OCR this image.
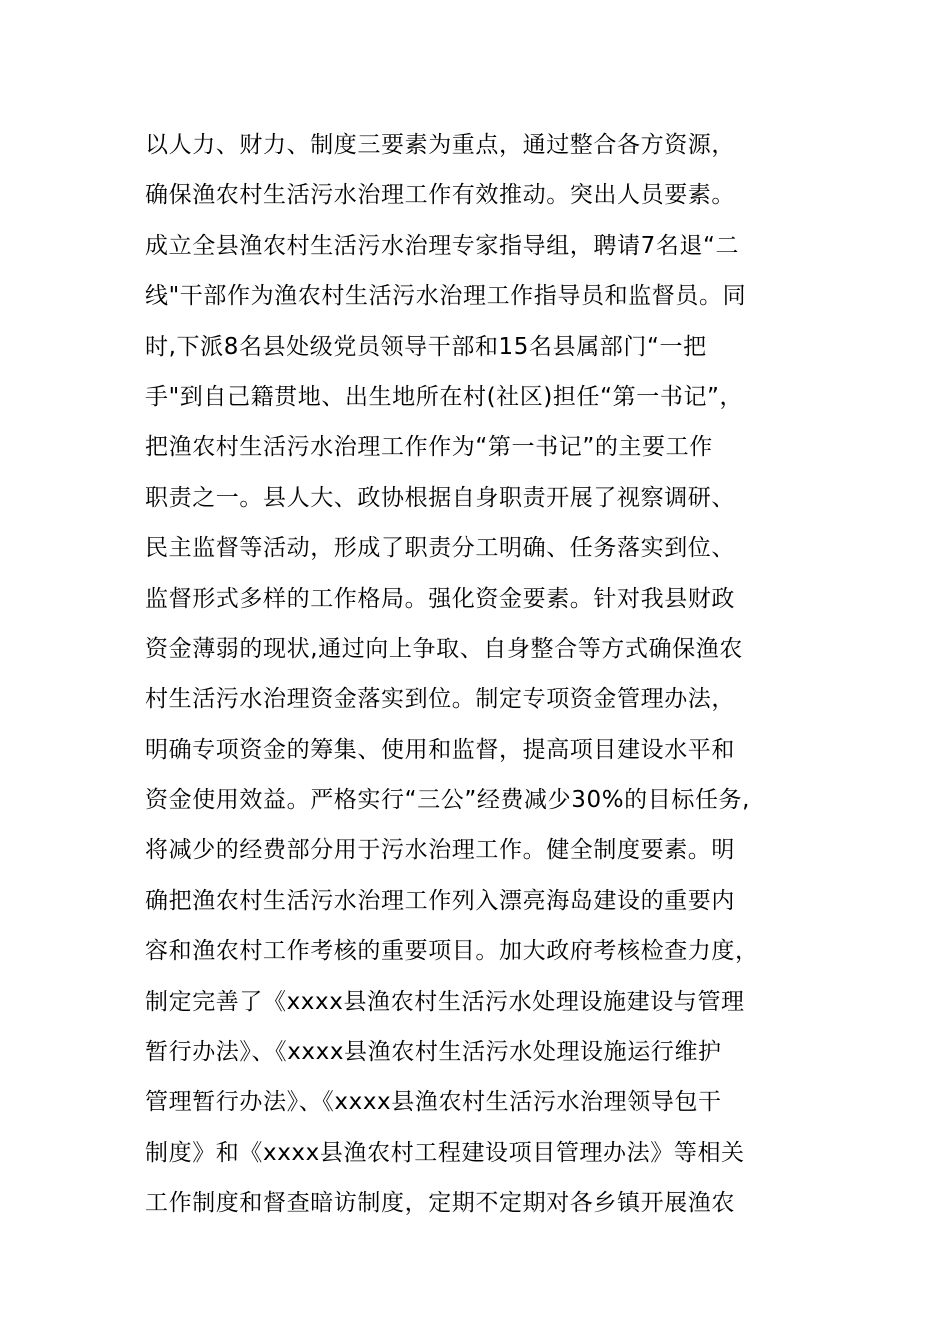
以人力、财力、制度三要素为重点，通过整合各方资源，
确保渔农村生活污水治理工作有效推动。突出人员要素。
成立全县渔农村生活污水治理专家指导组，聘请7名退“二
线"干部作为渔农村生活污水治理工作指导员和监督员。同
时,下派8名县处级党员领导干部和15名县属部门“一把
手"到自己籍贯地、出生地所在村(社区)担任“第一书记”，
把渔农村生活污水治理工作作为“第一书记”的主要工作
职责之一。县人大、政协根据自身职责开展了视察调研、
民主监督等活动，形成了职责分工明确、任务落实到位、
监督形式多样的工作格局。强化资金要素。针对我县财政
资金薄弱的现状,通过向上争取、自身整合等方式确保渔农
村生活污水治理资金落实到位。制定专项资金管理办法，
明确专项资金的筹集、使用和监督，提高项目建设水平和
资金使用效益。严格实行“三公”经费减少30%的目标任务,
将减少的经费部分用于污水治理工作。健全制度要素。明
确把渔农村生活污水治理工作列入漂亮海岛建设的重要内
容和渔农村工作考核的重要项目。加大政府考核检查力度，
制定完善了《xxxx县渔农村生活污水处理设施建设与管理
暂行办法》、《xxxx县渔农村生活污水处理设施运行维护
管理暂行办法》、《xxxx县渔农村生活污水治理领导包干
制度》和《xxxx县渔农村工程建设项目管理办法》等相关
工作制度和督查暗访制度，定期不定期对各乡镇开展渔农
